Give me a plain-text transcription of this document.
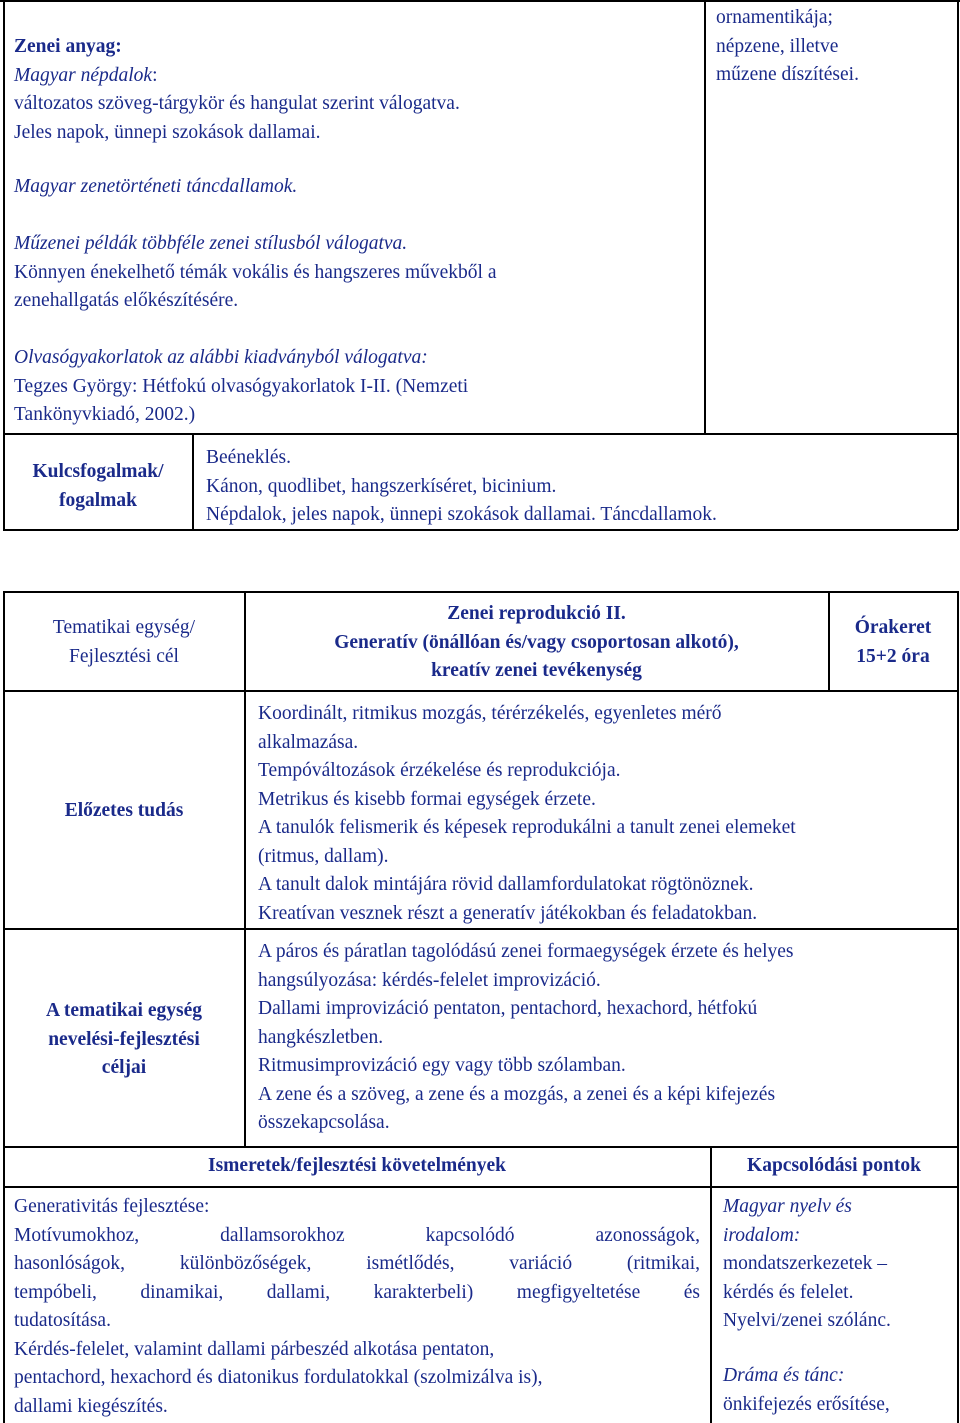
Zenei anyag:
Magyar népdalok:
változatos szöveg-tárgykör és hangulat szerint válogatva.
Jeles napok, ünnepi szokások dallamai.
Magyar zenetörténeti táncdallamok.
Műzenei példák többféle zenei stílusból válogatva.
Könnyen énekelhető témák vokális és hangszeres művekből a
zenehallgatás előkészítésére.
Olvasógyakorlatok az alábbi kiadványból válogatva:
Tegzes György: Hétfokú olvasógyakorlatok I-II. (Nemzeti
Tankönyvkiadó, 2002.)
ornamentikája;
népzene, illetve
műzene díszítései.
Kulcsfogalmak/
fogalmak
Beéneklés.
Kánon, quodlibet, hangszerkíséret, bicinium.
Népdalok, jeles napok, ünnepi szokások dallamai. Táncdallamok.
Tematikai egység/
Fejlesztési cél
Zenei reprodukció II.
Generatív (önállóan és/vagy csoportosan alkotó),
kreatív zenei tevékenység
Órakeret
15+2 óra
Előzetes tudás
Koordinált, ritmikus mozgás, térérzékelés, egyenletes mérő
alkalmazása.
Tempóváltozások érzékelése és reprodukciója.
Metrikus és kisebb formai egységek érzete.
A tanulók felismerik és képesek reprodukálni a tanult zenei elemeket
(ritmus, dallam).
A tanult dalok mintájára rövid dallamfordulatokat rögtönöznek.
Kreatívan vesznek részt a generatív játékokban és feladatokban.
A tematikai egység
nevelési-fejlesztési
céljai
A páros és páratlan tagolódású zenei formaegységek érzete és helyes
hangsúlyozása: kérdés-felelet improvizáció.
Dallami improvizáció pentaton, pentachord, hexachord, hétfokú
hangkészletben.
Ritmusimprovizáció egy vagy több szólamban.
A zene és a szöveg, a zene és a mozgás, a zenei és a képi kifejezés
összekapcsolása.
Ismeretek/fejlesztési követelmények	Kapcsolódási pontok
Generativitás fejlesztése:
Motívumokhoz, dallamsorokhoz kapcsolódó azonosságok,
hasonlóságok, különbözőségek, ismétlődés, variáció (ritmikai,
tempóbeli, dinamikai, dallami, karakterbeli) megfigyeltetése és
tudatosítása.
Kérdés-felelet, valamint dallami párbeszéd alkotása pentaton,
pentachord, hexachord és diatonikus fordulatokkal (szolmizálva is),
dallami kiegészítés.
Magyar nyelv és
irodalom:
mondatszerkezetek –
kérdés és felelet.
Nyelvi/zenei szólánc.
Dráma és tánc:
önkifejezés erősítése,
